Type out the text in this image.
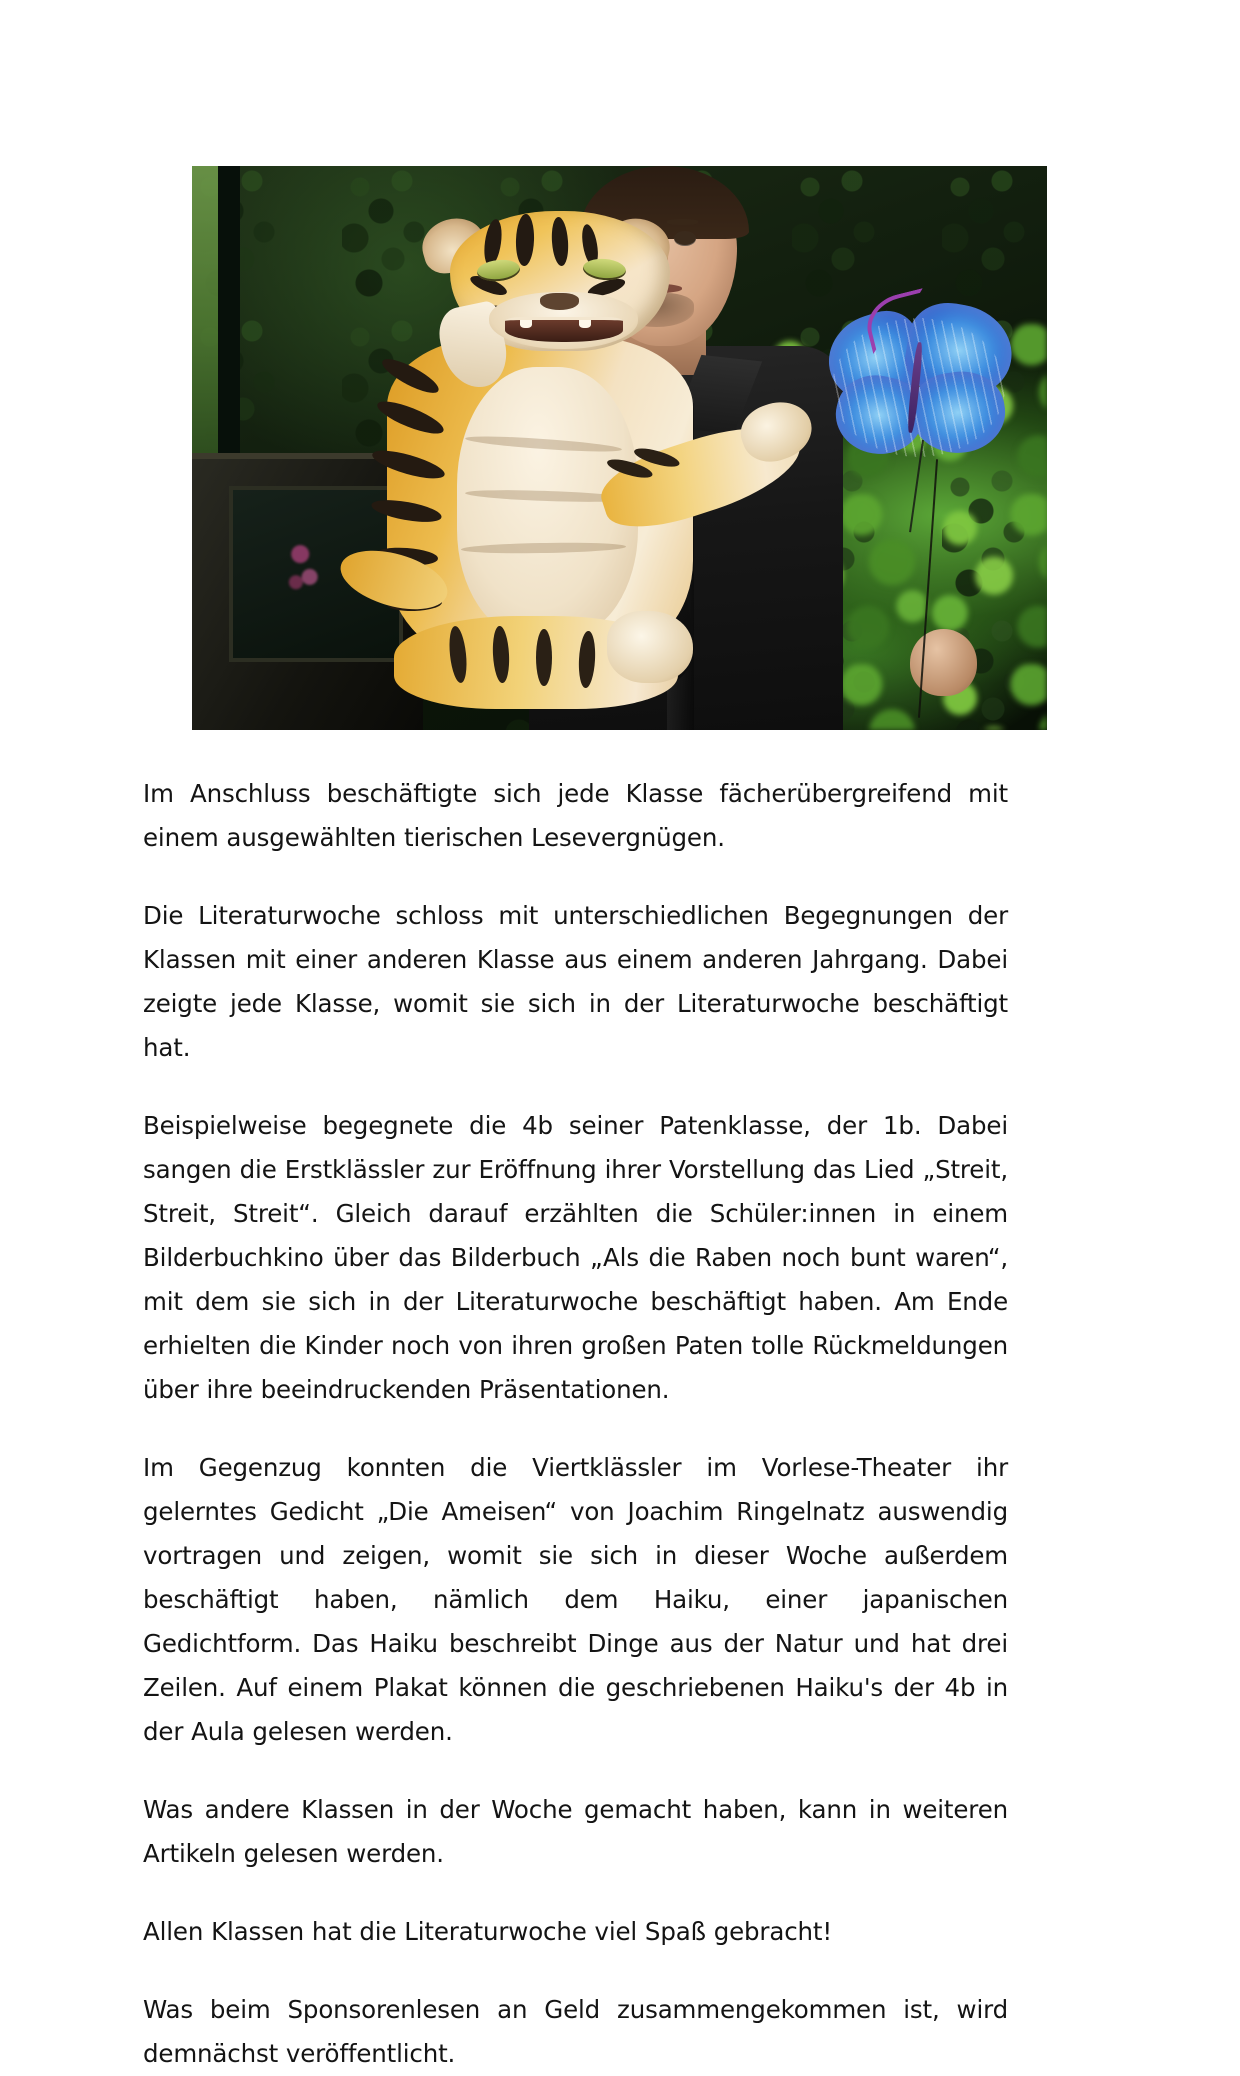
Im Anschluss beschäftigte sich jede Klasse fächerübergreifend mit einem ausgewählten tierischen Lesevergnügen.

Die Literaturwoche schloss mit unterschiedlichen Begegnungen der Klassen mit einer anderen Klasse aus einem anderen Jahrgang. Dabei zeigte jede Klasse, womit sie sich in der Literaturwoche beschäftigt hat.

Beispielweise begegnete die 4b seiner Patenklasse, der 1b. Dabei sangen die Erstklässler zur Eröffnung ihrer Vorstellung das Lied „Streit, Streit, Streit“. Gleich darauf erzählten die Schüler:innen in einem Bilderbuchkino über das Bilderbuch „Als die Raben noch bunt waren“, mit dem sie sich in der Literaturwoche beschäftigt haben. Am Ende erhielten die Kinder noch von ihren großen Paten tolle Rückmeldungen über ihre beeindruckenden Präsentationen.

Im Gegenzug konnten die Viertklässler im Vorlese-Theater ihr gelerntes Gedicht „Die Ameisen“ von Joachim Ringelnatz auswendig vortragen und zeigen, womit sie sich in dieser Woche außerdem beschäftigt haben, nämlich dem Haiku, einer japanischen Gedichtform. Das Haiku beschreibt Dinge aus der Natur und hat drei Zeilen. Auf einem Plakat können die geschriebenen Haiku's der 4b in der Aula gelesen werden.

Was andere Klassen in der Woche gemacht haben, kann in weiteren Artikeln gelesen werden.

Allen Klassen hat die Literaturwoche viel Spaß gebracht!

Was beim Sponsorenlesen an Geld zusammengekommen ist, wird demnächst veröffentlicht.
